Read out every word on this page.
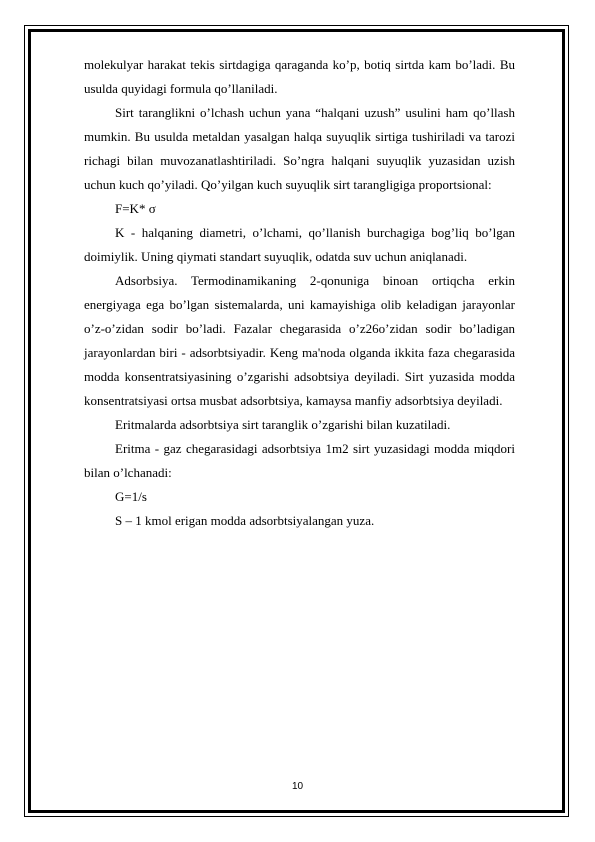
molekulyar harakat tekis sirtdagiga qaraganda ko’p, botiq sirtda kam bo’ladi. Bu usulda quyidagi formula qo’llaniladi.

Sirt taranglikni o’lchash uchun yana “halqani uzush” usulini ham qo’llash mumkin. Bu usulda metaldan yasalgan halqa suyuqlik sirtiga tushiriladi va tarozi richagi bilan muvozanatlashtiriladi. So’ngra halqani suyuqlik yuzasidan uzish uchun kuch qo’yiladi. Qo’yilgan kuch suyuqlik sirt tarangligiga proportsional:

F=K* σ

K - halqaning diametri, o’lchami, qo’llanish burchagiga bog’liq bo’lgan doimiylik. Uning qiymati standart suyuqlik, odatda suv uchun aniqlanadi.

Adsorbsiya. Termodinamikaning 2-qonuniga binoan ortiqcha erkin energiyaga ega bo’lgan sistemalarda, uni kamayishiga olib keladigan jarayonlar o’z-o’zidan sodir bo’ladi. Fazalar chegarasida o’z26o’zidan sodir bo’ladigan jarayonlardan biri - adsorbtsiyadir. Keng ma'noda olganda ikkita faza chegarasida modda konsentratsiyasining o’zgarishi adsobtsiya deyiladi. Sirt yuzasida modda konsentratsiyasi ortsa musbat adsorbtsiya, kamaysa manfiy adsorbtsiya deyiladi.

Eritmalarda adsorbtsiya sirt taranglik o’zgarishi bilan kuzatiladi.

Eritma - gaz chegarasidagi adsorbtsiya 1m2 sirt yuzasidagi modda miqdori bilan o’lchanadi:

G=1/s

S – 1 kmol erigan modda adsorbtsiyalangan yuza.

10
